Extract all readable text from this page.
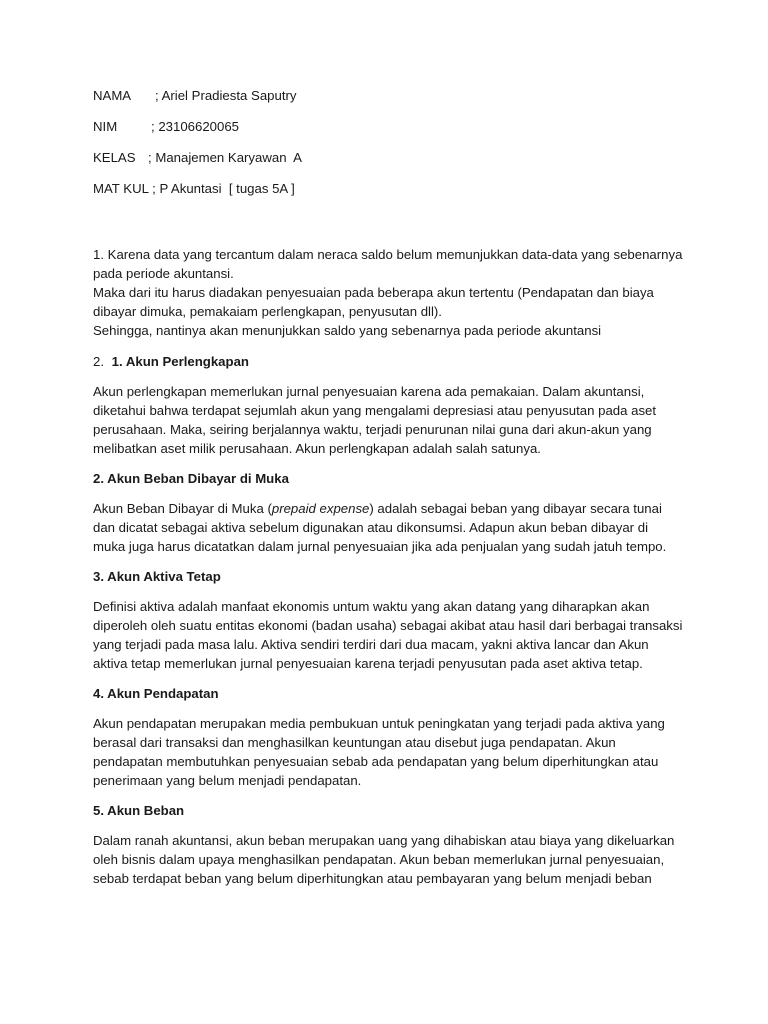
NAMA ; Ariel Pradiesta Saputry
NIM	; 23106620065
KELAS ; Manajemen Karyawan  A
MAT KUL ; P Akuntasi  [ tugas 5A ]

1. Karena data yang tercantum dalam neraca saldo belum memunjukkan data-data yang sebenarnya pada periode akuntansi.

Maka dari itu harus diadakan penyesuaian pada beberapa akun tertentu (Pendapatan dan biaya dibayar dimuka, pemakaiam perlengkapan, penyusutan dll).

Sehingga, nantinya akan menunjukkan saldo yang sebenarnya pada periode akuntansi

2. 1. Akun Perlengkapan

Akun perlengkapan memerlukan jurnal penyesuaian karena ada pemakaian. Dalam akuntansi, diketahui bahwa terdapat sejumlah akun yang mengalami depresiasi atau penyusutan pada aset perusahaan. Maka, seiring berjalannya waktu, terjadi penurunan nilai guna dari akun-akun yang melibatkan aset milik perusahaan. Akun perlengkapan adalah salah satunya.

2. Akun Beban Dibayar di Muka

Akun Beban Dibayar di Muka (prepaid expense) adalah sebagai beban yang dibayar secara tunai dan dicatat sebagai aktiva sebelum digunakan atau dikonsumsi. Adapun akun beban dibayar di muka juga harus dicatatkan dalam jurnal penyesuaian jika ada penjualan yang sudah jatuh tempo.

3. Akun Aktiva Tetap

Definisi aktiva adalah manfaat ekonomis untum waktu yang akan datang yang diharapkan akan diperoleh oleh suatu entitas ekonomi (badan usaha) sebagai akibat atau hasil dari berbagai transaksi yang terjadi pada masa lalu. Aktiva sendiri terdiri dari dua macam, yakni aktiva lancar dan Akun aktiva tetap memerlukan jurnal penyesuaian karena terjadi penyusutan pada aset aktiva tetap.

4. Akun Pendapatan

Akun pendapatan merupakan media pembukuan untuk peningkatan yang terjadi pada aktiva yang berasal dari transaksi dan menghasilkan keuntungan atau disebut juga pendapatan. Akun pendapatan membutuhkan penyesuaian sebab ada pendapatan yang belum diperhitungkan atau penerimaan yang belum menjadi pendapatan.

5. Akun Beban

Dalam ranah akuntansi, akun beban merupakan uang yang dihabiskan atau biaya yang dikeluarkan oleh bisnis dalam upaya menghasilkan pendapatan. Akun beban memerlukan jurnal penyesuaian, sebab terdapat beban yang belum diperhitungkan atau pembayaran yang belum menjadi beban
